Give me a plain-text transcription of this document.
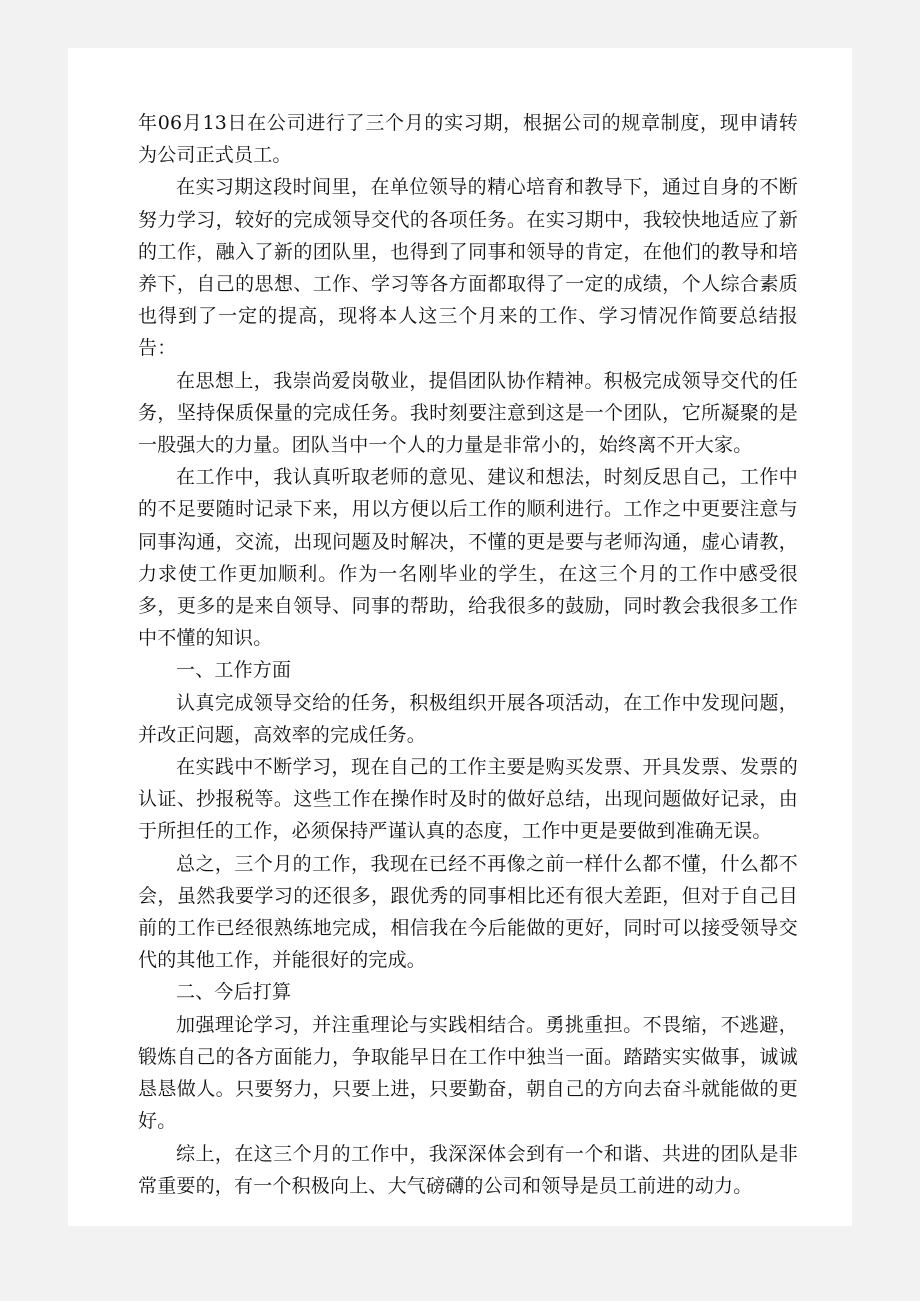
年06月13日在公司进行了三个月的实习期，根据公司的规章制度，现申请转为公司正式员工。

在实习期这段时间里，在单位领导的精心培育和教导下，通过自身的不断努力学习，较好的完成领导交代的各项任务。在实习期中，我较快地适应了新的工作，融入了新的团队里，也得到了同事和领导的肯定，在他们的教导和培养下，自己的思想、工作、学习等各方面都取得了一定的成绩，个人综合素质也得到了一定的提高，现将本人这三个月来的工作、学习情况作简要总结报告：

在思想上，我崇尚爱岗敬业，提倡团队协作精神。积极完成领导交代的任务，坚持保质保量的完成任务。我时刻要注意到这是一个团队，它所凝聚的是一股强大的力量。团队当中一个人的力量是非常小的，始终离不开大家。

在工作中，我认真听取老师的意见、建议和想法，时刻反思自己，工作中的不足要随时记录下来，用以方便以后工作的顺利进行。工作之中更要注意与同事沟通，交流，出现问题及时解决，不懂的更是要与老师沟通，虚心请教，力求使工作更加顺利。作为一名刚毕业的学生，在这三个月的工作中感受很多，更多的是来自领导、同事的帮助，给我很多的鼓励，同时教会我很多工作中不懂的知识。

一、工作方面

认真完成领导交给的任务，积极组织开展各项活动，在工作中发现问题，并改正问题，高效率的完成任务。

在实践中不断学习，现在自己的工作主要是购买发票、开具发票、发票的认证、抄报税等。这些工作在操作时及时的做好总结，出现问题做好记录，由于所担任的工作，必须保持严谨认真的态度，工作中更是要做到准确无误。

总之，三个月的工作，我现在已经不再像之前一样什么都不懂，什么都不会，虽然我要学习的还很多，跟优秀的同事相比还有很大差距，但对于自己目前的工作已经很熟练地完成，相信我在今后能做的更好，同时可以接受领导交代的其他工作，并能很好的完成。

二、今后打算

加强理论学习，并注重理论与实践相结合。勇挑重担。不畏缩，不逃避，锻炼自己的各方面能力，争取能早日在工作中独当一面。踏踏实实做事，诚诚恳恳做人。只要努力，只要上进，只要勤奋，朝自己的方向去奋斗就能做的更好。

综上，在这三个月的工作中，我深深体会到有一个和谐、共进的团队是非常重要的，有一个积极向上、大气磅礴的公司和领导是员工前进的动力。
